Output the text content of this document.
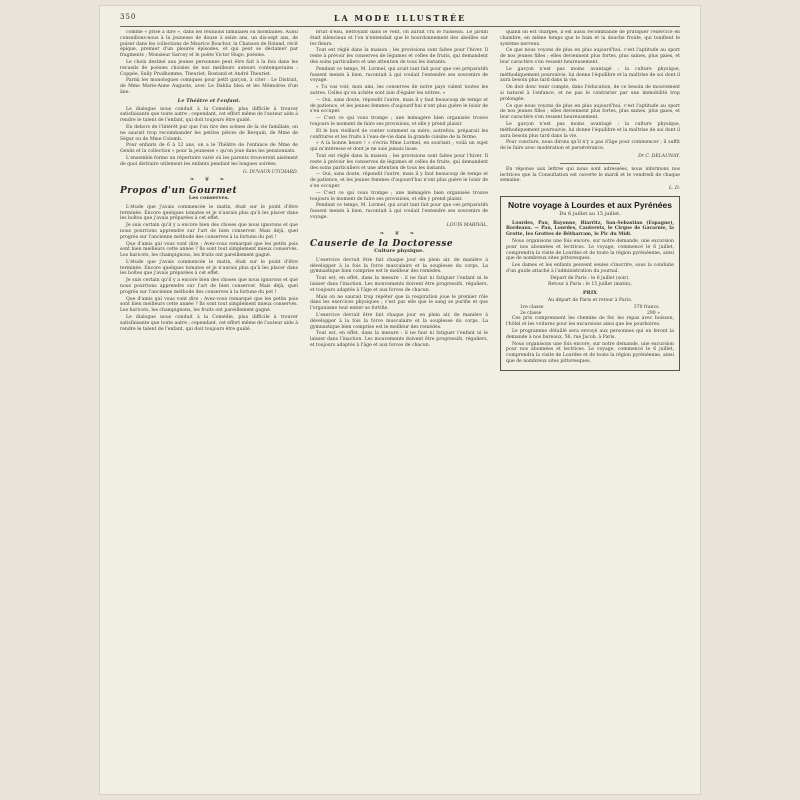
350	LA MODE ILLUSTRÉE

comme « prise à dire », dans les réunions familiales ou mondaines. Aussi conseillons-nous à la jeunesse de douze à seize ans, un dix-sept ans, de puiser dans les collections de Maurice Bouchor, la Chanson de Roland, récit épique, premier d'un pleurés épisodes, et qui peut se déclamer par fragments ; Monsieur Sarcey et le poète Victor Hugo, poésies.

Le choix destiné aux jeunes personnes peut être fait à la fois dans les recueils de poésies choisies de nos meilleurs auteurs contemporains : Coppée, Sully Prudhomme, Theuriet, Rostand et André Theuriet.

Parmi les monologues comiques pour petit garçon, à citer : Le Distrait, de Mme Marie-Anne Auguste, avec Le Dahlia bleu et les Mémoires d'un âne.

Le Théâtre et l'enfant.

Le dialogue nous conduit à la Comédie, plus difficile à trouver satisfaisante que toute autre ; cependant, cet effort même de l'auteur aide à rendre le talent de l'enfant, qui doit toujours être guidé.

En dehors de l'intérêt pur que l'on tire des scènes de la vie familiale, on ne saurait trop recommander les petites pièces de Berquin, de Mme de Ségur ou de Mme Colomb.

Pour enfants de 6 à 12 ans, on a le Théâtre de l'enfance de Mme de Genlis et la collection « pour la jeunesse » qu'on joue dans les pensionnats.

L'ensemble forme un répertoire varié où les parents trouveront aisément de quoi distraire utilement les enfants pendant les longues soirées.

G. DUVAUX-UTCHARD.

❧ ❦ ❧
Propos d'un Gourmet
Les conserves.

L'étude que j'avais commencée le matin, était sur le point d'être terminée. Encore quelques tomates et je n'aurais plus qu'à les placer dans les boîtes que j'avais préparées à cet effet.

Je suis certain qu'il y a encore bien des choses que nous ignorons et que nous pourrions apprendre sur l'art de bien conserver. Mais déjà, quel progrès sur l'ancienne méthode des conserves à la fortune du pot !

Que d'amis qui vous vont dire : Avez-vous remarqué que les petits pois sont bien meilleurs cette année ? Ils sont tout simplement mieux conservés. Les haricots, les champignons, les fruits ont pareillement gagné.

L'étude que j'avais commencée le matin, était sur le point d'être terminée. Encore quelques tomates et je n'aurais plus qu'à les placer dans les boîtes que j'avais préparées à cet effet.

Je suis certain qu'il y a encore bien des choses que nous ignorons et que nous pourrions apprendre sur l'art de bien conserver. Mais déjà, quel progrès sur l'ancienne méthode des conserves à la fortune du pot !

Que d'amis qui vous vont dire : Avez-vous remarqué que les petits pois sont bien meilleurs cette année ? Ils sont tout simplement mieux conservés. Les haricots, les champignons, les fruits ont pareillement gagné.

Le dialogue nous conduit à la Comédie, plus difficile à trouver satisfaisante que toute autre ; cependant, cet effort même de l'auteur aide à rendre le talent de l'enfant, qui doit toujours être guidé.

bruit d'eau, nettoyant dans le vent, on aurait cru le ruisseau. Le jardin était silencieux et l'on n'entendait que le bourdonnement des abeilles sur les fleurs.

Tout est réglé dans la maison ; les provisions sont faites pour l'hiver. Il reste à prévoir les conserves de légumes et celles de fruits, qui demandent des soins particuliers et une attention de tous les instants.

Pendant ce temps, M. Lormel, qui avait tant fait pour que ces préparatifs fussent menés à bien, racontait à qui voulait l'entendre ses souvenirs de voyage.

« Tu vas voir, mon ami, les conserves de notre pays valent toutes les autres. Celles qu'on achète sont loin d'égaler les nôtres. »

— Oui, sans doute, répondit l'autre, mais il y faut beaucoup de temps et de patience, et les jeunes femmes d'aujourd'hui n'ont plus guère le loisir de s'en occuper.

— C'est ce qui vous trompe ; une ménagère bien organisée trouve toujours le moment de faire ses provisions, et elle y prend plaisir.

Et le bon vieillard de conter comment sa mère, autrefois, préparait les confitures et les fruits à l'eau-de-vie dans la grande cuisine de la ferme.

« A la bonne heure ! » s'écria Mme Lormel, en souriant ; voilà un sujet qui m'intéresse et dont je ne suis jamais lasse.

Tout est réglé dans la maison ; les provisions sont faites pour l'hiver. Il reste à prévoir les conserves de légumes et celles de fruits, qui demandent des soins particuliers et une attention de tous les instants.

— Oui, sans doute, répondit l'autre, mais il y faut beaucoup de temps et de patience, et les jeunes femmes d'aujourd'hui n'ont plus guère le loisir de s'en occuper.

— C'est ce qui vous trompe ; une ménagère bien organisée trouve toujours le moment de faire ses provisions, et elle y prend plaisir.

Pendant ce temps, M. Lormel, qui avait tant fait pour que ces préparatifs fussent menés à bien, racontait à qui voulait l'entendre ses souvenirs de voyage.

LOUIS MARIVAL.

❧ ❦ ❧
Causerie de la Doctoresse
Culture physique.

L'exercice devrait être fait chaque jour en plein air, de manière à développer à la fois la force musculaire et la souplesse du corps. La gymnastique bien comprise est le meilleur des remèdes.

Tout est, en effet, dans la mesure : il ne faut ni fatiguer l'enfant ni le laisser dans l'inaction. Les mouvements doivent être progressifs, réguliers, et toujours adaptés à l'âge et aux forces de chacun.

Mais on ne saurait trop répéter que la respiration joue le premier rôle dans les exercices physiques ; c'est par elle que le sang se purifie et que l'organisme tout entier se fortifie.

L'exercice devrait être fait chaque jour en plein air, de manière à développer à la fois la force musculaire et la souplesse du corps. La gymnastique bien comprise est le meilleur des remèdes.

Tout est, en effet, dans la mesure : il ne faut ni fatiguer l'enfant ni le laisser dans l'inaction. Les mouvements doivent être progressifs, réguliers, et toujours adaptés à l'âge et aux forces de chacun.

quand on est chargée, il est aussi recommandé de pratiquer l'exercice en chambre, en même temps que le bain et la douche froide, qui tonifient le système nerveux.

Ce que nous voyons de plus en plus aujourd'hui, c'est l'aptitude au sport de nos jeunes filles ; elles deviennent plus fortes, plus saines, plus gaies, et leur caractère s'en ressent heureusement.

Le garçon n'est pas moins avantagé : la culture physique, méthodiquement poursuivie, lui donne l'équilibre et la maîtrise de soi dont il aura besoin plus tard dans la vie.

On doit donc tenir compte, dans l'éducation, de ce besoin de mouvement si naturel à l'enfance, et ne pas le contrarier par une immobilité trop prolongée.

Ce que nous voyons de plus en plus aujourd'hui, c'est l'aptitude au sport de nos jeunes filles ; elles deviennent plus fortes, plus saines, plus gaies, et leur caractère s'en ressent heureusement.

Le garçon n'est pas moins avantagé : la culture physique, méthodiquement poursuivie, lui donne l'équilibre et la maîtrise de soi dont il aura besoin plus tard dans la vie.

Pour conclure, nous dirons qu'il n'y a pas d'âge pour commencer ; il suffit de le faire avec modération et persévérance.

Dr C. DELAUNAY.

En réponse aux lettres qui nous sont adressées, nous informons nos lectrices que la Consultation est ouverte le mardi et le vendredi de chaque semaine.

L. D.

Notre voyage à Lourdes et aux Pyrénées
Du 6 juillet au 15 juillet.

Lourdes, Pau, Bayonne, Biarritz, San-Sebastian (Espagne), Bordeaux. — Pau, Lourdes, Cauterets, le Cirque de Gavarnie, la Grotte, les Grottes de Bétharram, le Pic du Midi.

Nous organisons une fois encore, sur notre demande, une excursion pour nos abonnées et lectrices. Le voyage, commencé le 6 juillet, comprendra la visite de Lourdes et de toute la région pyrénéenne, ainsi que de nombreux sites pittoresques.

Les dames et les enfants peuvent seules s'inscrire, sous la conduite d'un guide attaché à l'administration du journal.

Départ de Paris : le 6 juillet (soir).

Retour à Paris : le 15 juillet (matin).

PRIX

Au départ de Paris et retour à Paris.

1re classe	370 francs.
2e classe	290 »

Ces prix comprennent les chemins de fer, les repas avec boisson, l'hôtel et les voitures pour les excursions ainsi que les pourboires.

Le programme détaillé sera envoyé aux personnes qui en feront la demande à nos bureaux, 56, rue Jacob, à Paris.

Nous organisons une fois encore, sur notre demande, une excursion pour nos abonnées et lectrices. Le voyage, commencé le 6 juillet, comprendra la visite de Lourdes et de toute la région pyrénéenne, ainsi que de nombreux sites pittoresques.
